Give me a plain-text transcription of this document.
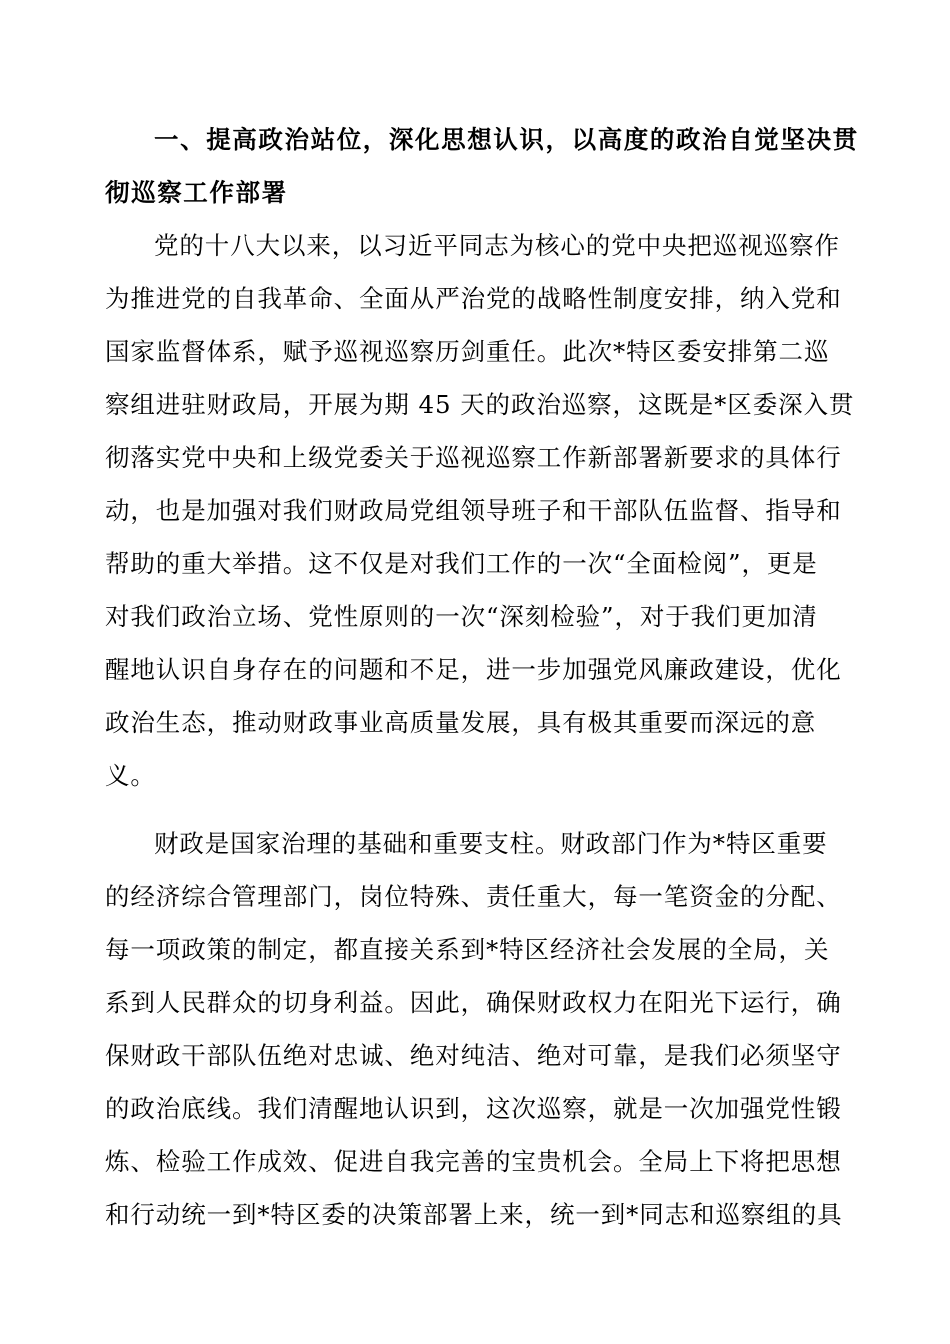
一、提高政治站位，深化思想认识，以高度的政治自觉坚决贯
彻巡察工作部署
党的十八大以来，以习近平同志为核心的党中央把巡视巡察作
为推进党的自我革命、全面从严治党的战略性制度安排，纳入党和
国家监督体系，赋予巡视巡察历剑重任。此次*特区委安排第二巡
察组进驻财政局，开展为期 45 天的政治巡察，这既是*区委深入贯
彻落实党中央和上级党委关于巡视巡察工作新部署新要求的具体行
动，也是加强对我们财政局党组领导班子和干部队伍监督、指导和
帮助的重大举措。这不仅是对我们工作的一次“全面检阅”，更是
对我们政治立场、党性原则的一次“深刻检验”，对于我们更加清
醒地认识自身存在的问题和不足，进一步加强党风廉政建设，优化
政治生态，推动财政事业高质量发展，具有极其重要而深远的意
义。
财政是国家治理的基础和重要支柱。财政部门作为*特区重要
的经济综合管理部门，岗位特殊、责任重大，每一笔资金的分配、
每一项政策的制定，都直接关系到*特区经济社会发展的全局，关
系到人民群众的切身利益。因此，确保财政权力在阳光下运行，确
保财政干部队伍绝对忠诚、绝对纯洁、绝对可靠，是我们必须坚守
的政治底线。我们清醒地认识到，这次巡察，就是一次加强党性锻
炼、检验工作成效、促进自我完善的宝贵机会。全局上下将把思想
和行动统一到*特区委的决策部署上来，统一到*同志和巡察组的具
